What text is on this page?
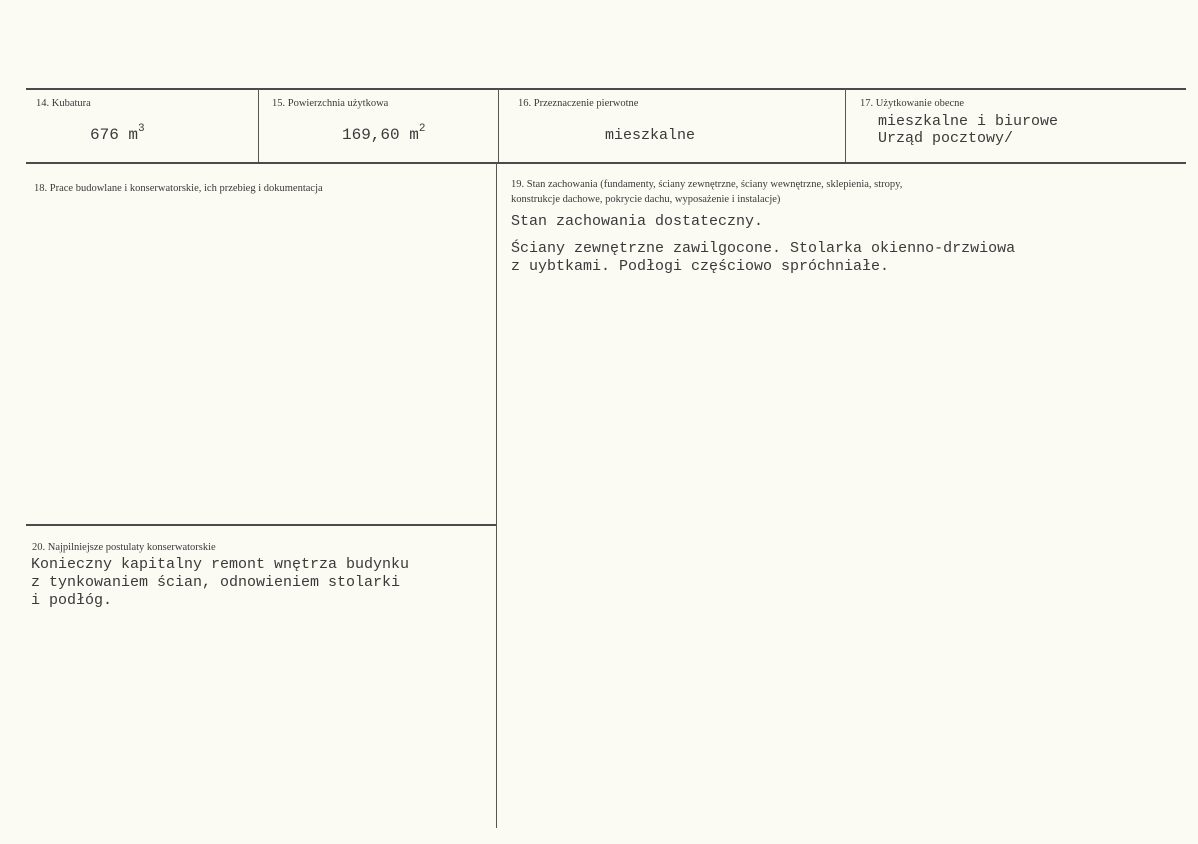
14. Kubatura
676 $m^3$
15. Powierzchnia użytkowa
169,60 $m^2$
16. Przeznaczenie pierwotne
mieszkalne
17. Użytkowanie obecne
mieszkalne i biurowe
Urząd pocztowy/
18. Prace budowlane i konserwatorskie, ich przebieg i dokumentacja	19. Stan zachowania (fundamenty, ściany zewnętrzne, ściany wewnętrzne, sklepienia, stropy,
konstrukcje dachowe, pokrycie dachu, wyposażenie i instalacje)
Stan zachowania dostateczny.
Ściany zewnętrzne zawilgocone. Stolarka okienno-drzwiowa
z uybtkami. Podłogi częściowo spróchniałe.
20. Najpilniejsze postulaty konserwatorskie
Konieczny kapitalny remont wnętrza budynku
z tynkowaniem ścian, odnowieniem stolarki
i podłóg.
